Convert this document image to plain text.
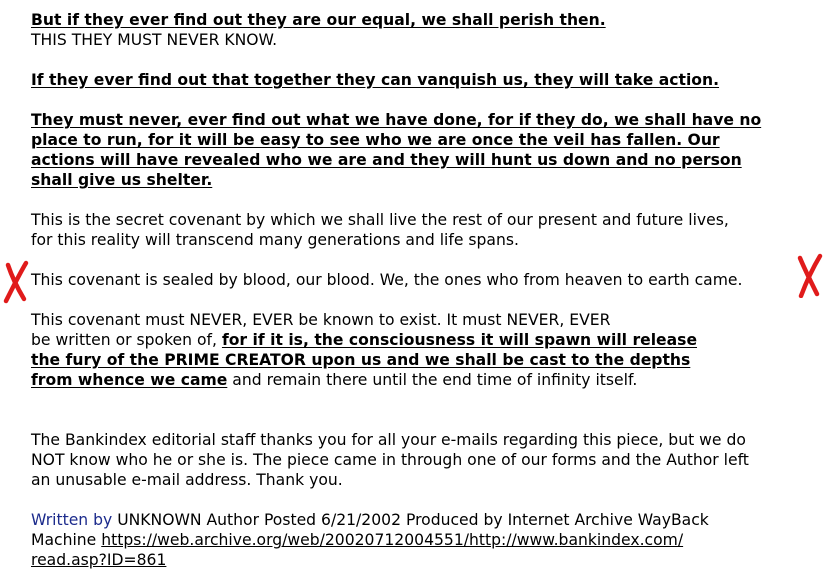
But if they ever find out they are our equal, we shall perish then.
THIS THEY MUST NEVER KNOW.

If they ever find out that together they can vanquish us, they will take action.

They must never, ever find out what we have done, for if they do, we shall have no
place to run, for it will be easy to see who we are once the veil has fallen. Our
actions will have revealed who we are and they will hunt us down and no person
shall give us shelter.

This is the secret covenant by which we shall live the rest of our present and future lives,
for this reality will transcend many generations and life spans.

This covenant is sealed by blood, our blood. We, the ones who from heaven to earth came.

This covenant must NEVER, EVER be known to exist. It must NEVER, EVER
be written or spoken of, for if it is, the consciousness it will spawn will release
the fury of the PRIME CREATOR upon us and we shall be cast to the depths
from whence we came and remain there until the end time of infinity itself.

The Bankindex editorial staff thanks you for all your e-mails regarding this piece, but we do
NOT know who he or she is. The piece came in through one of our forms and the Author left
an unusable e-mail address. Thank you.

Written by UNKNOWN Author Posted 6/21/2002 Produced by Internet Archive WayBack
Machine https://web.archive.org/web/20020712004551/http://www.bankindex.com/
read.asp?ID=861
